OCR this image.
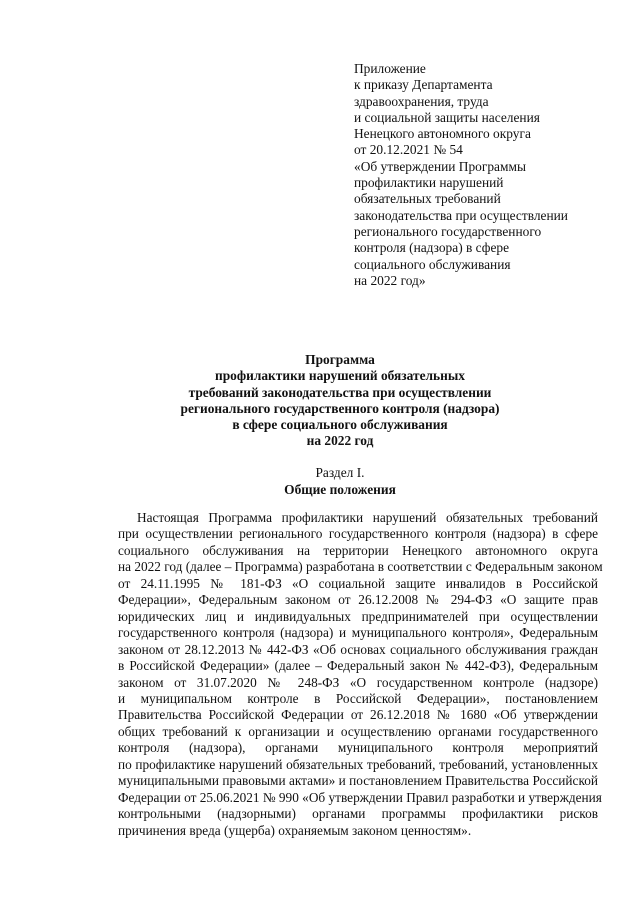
Приложение
к приказу Департамента
здравоохранения, труда
и социальной защиты населения
Ненецкого автономного округа
от 20.12.2021 № 54
«Об утверждении Программы
профилактики нарушений
обязательных требований
законодательства при осуществлении
регионального государственного
контроля (надзора) в сфере
социального обслуживания
на 2022 год»
Программа
профилактики нарушений обязательных
требований законодательства при осуществлении
регионального государственного контроля (надзора)
в сфере социального обслуживания
на 2022 год
Раздел I.
Общие положения
Настоящая Программа профилактики нарушений обязательных требований
при осуществлении регионального государственного контроля (надзора) в сфере
социального обслуживания на территории Ненецкого автономного округа
на 2022 год (далее – Программа) разработана в соответствии с Федеральным законом
от 24.11.1995 № 181-ФЗ «О социальной защите инвалидов в Российской
Федерации», Федеральным законом от 26.12.2008 № 294-ФЗ «О защите прав
юридических лиц и индивидуальных предпринимателей при осуществлении
государственного контроля (надзора) и муниципального контроля», Федеральным
законом от 28.12.2013 № 442-ФЗ «Об основах социального обслуживания граждан
в Российской Федерации» (далее – Федеральный закон № 442-ФЗ), Федеральным
законом от 31.07.2020 № 248-ФЗ «О государственном контроле (надзоре)
и муниципальном контроле в Российской Федерации», постановлением
Правительства Российской Федерации от 26.12.2018 № 1680 «Об утверждении
общих требований к организации и осуществлению органами государственного
контроля (надзора), органами муниципального контроля мероприятий
по профилактике нарушений обязательных требований, требований, установленных
муниципальными правовыми актами» и постановлением Правительства Российской
Федерации от 25.06.2021 № 990 «Об утверждении Правил разработки и утверждения
контрольными (надзорными) органами программы профилактики рисков
причинения вреда (ущерба) охраняемым законом ценностям».
